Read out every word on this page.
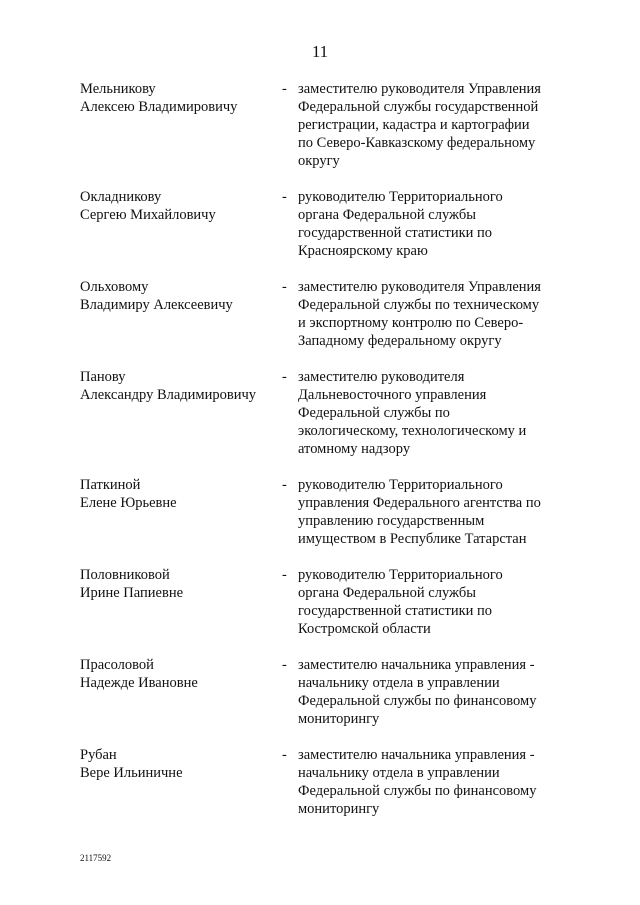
11
Мельникову
Алексею Владимировичу
- заместителю руководителя Управления
Федеральной службы государственной
регистрации, кадастра и картографии
по Северо-Кавказскому федеральному
округу
Окладникову
Сергею Михайловичу
- руководителю Территориального
органа Федеральной службы
государственной статистики по
Красноярскому краю
Ольховому
Владимиру Алексеевичу
- заместителю руководителя Управления
Федеральной службы по техническому
и экспортному контролю по Северо-
Западному федеральному округу
Панову
Александру Владимировичу
- заместителю руководителя
Дальневосточного управления
Федеральной службы по
экологическому, технологическому и
атомному надзору
Паткиной
Елене Юрьевне
- руководителю Территориального
управления Федерального агентства по
управлению государственным
имуществом в Республике Татарстан
Половниковой
Ирине Папиевне
- руководителю Территориального
органа Федеральной службы
государственной статистики по
Костромской области
Прасоловой
Надежде Ивановне
- заместителю начальника управления -
начальнику отдела в управлении
Федеральной службы по финансовому
мониторингу
Рубан
Вере Ильиничне
- заместителю начальника управления -
начальнику отдела в управлении
Федеральной службы по финансовому
мониторингу
2117592
